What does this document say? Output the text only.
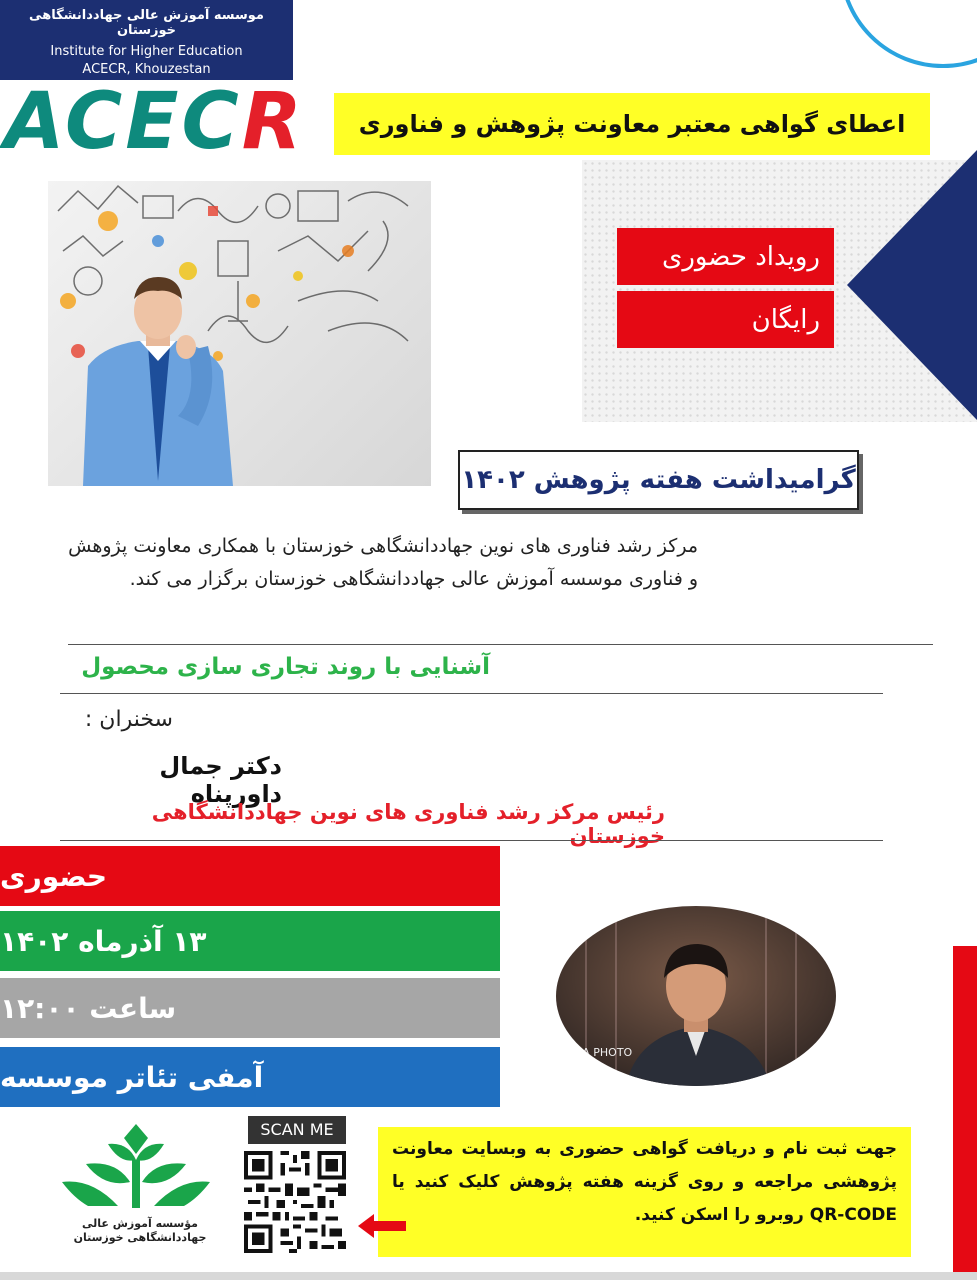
موسسه آموزش عالی جهاددانشگاهی خوزستان
Institute for Higher Education
ACECR, Khouzestan
ACECR	اعطای گواهی معتبر معاونت پژوهش و فناوری
رویداد حضوری
رایگان
گرامیداشت هفته پژوهش ۱۴۰۲
مرکز رشد فناوری های نوین جهاددانشگاهی خوزستان با همکاری معاونت پژوهش و فناوری موسسه آموزش عالی جهاددانشگاهی خوزستان برگزار می کند.
آشنایی با روند تجاری سازی محصول
سخنران :
دکتر جمال داورپناه
رئیس مرکز رشد فناوری های نوین جهاددانشگاهی خوزستان
حضوری
۱۳ آذرماه ۱۴۰۲
ساعت ۱۲:۰۰
آمفی تئاتر موسسه
NA PHOTO
جهت ثبت نام و دریافت گواهی حضوری به وبسایت معاونت پژوهشی مراجعه و روی گزینه هفته پژوهش کلیک کنید یا QR-CODE روبرو را اسکن کنید.
SCAN ME
مؤسسه آموزش عالی
جهاددانشگاهی خوزستان
